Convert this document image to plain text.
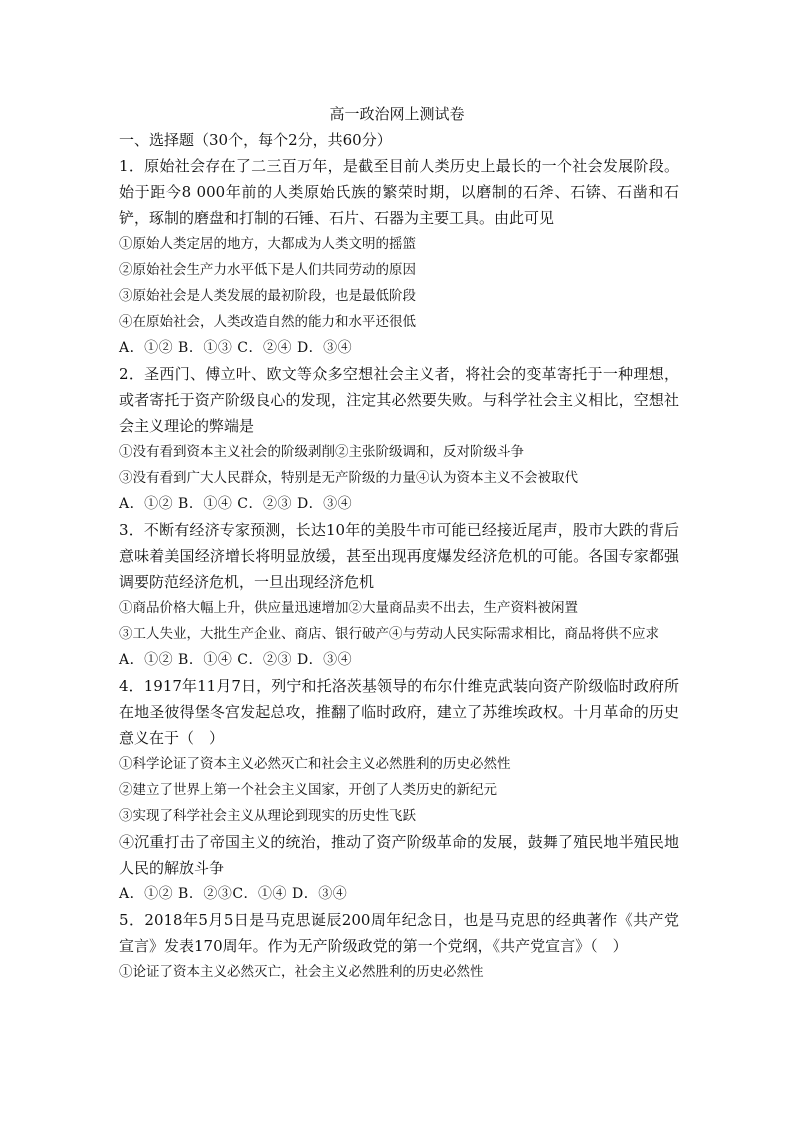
高一政治网上测试卷

一、选择题（30个，每个2分，共60分）

1．原始社会存在了二三百万年，是截至目前人类历史上最长的一个社会发展阶段。始于距今8 000年前的人类原始氏族的繁荣时期，以磨制的石斧、石锛、石凿和石铲，琢制的磨盘和打制的石锤、石片、石器为主要工具。由此可见

①原始人类定居的地方，大都成为人类文明的摇篮

②原始社会生产力水平低下是人们共同劳动的原因

③原始社会是人类发展的最初阶段，也是最低阶段

④在原始社会，人类改造自然的能力和水平还很低

A．①② B．①③ C．②④ D．③④

2．圣西门、傅立叶、欧文等众多空想社会主义者，将社会的变革寄托于一种理想，或者寄托于资产阶级良心的发现，注定其必然要失败。与科学社会主义相比，空想社会主义理论的弊端是

①没有看到资本主义社会的阶级剥削②主张阶级调和，反对阶级斗争

③没有看到广大人民群众，特别是无产阶级的力量④认为资本主义不会被取代

A．①② B．①④ C．②③ D．③④

3．不断有经济专家预测，长达10年的美股牛市可能已经接近尾声，股市大跌的背后意味着美国经济增长将明显放缓，甚至出现再度爆发经济危机的可能。各国专家都强调要防范经济危机，一旦出现经济危机

①商品价格大幅上升，供应量迅速增加②大量商品卖不出去，生产资料被闲置

③工人失业，大批生产企业、商店、银行破产④与劳动人民实际需求相比，商品将供不应求

A．①② B．①④ C．②③ D．③④

4．1917年11月7日，列宁和托洛茨基领导的布尔什维克武装向资产阶级临时政府所在地圣彼得堡冬宫发起总攻，推翻了临时政府，建立了苏维埃政权。十月革命的历史意义在于（　）

①科学论证了资本主义必然灭亡和社会主义必然胜利的历史必然性

②建立了世界上第一个社会主义国家，开创了人类历史的新纪元

③实现了科学社会主义从理论到现实的历史性飞跃

④沉重打击了帝国主义的统治，推动了资产阶级革命的发展，鼓舞了殖民地半殖民地人民的解放斗争

A．①② B．②③C．①④ D．③④

5．2018年5月5日是马克思诞辰200周年纪念日，也是马克思的经典著作《共产党宣言》发表170周年。作为无产阶级政党的第一个党纲，《共产党宣言》（　）

①论证了资本主义必然灭亡，社会主义必然胜利的历史必然性
